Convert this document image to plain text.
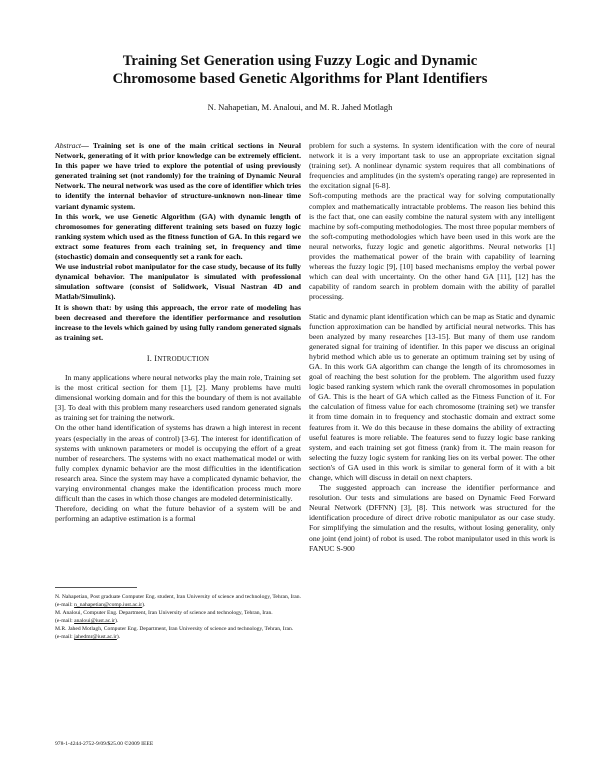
Training Set Generation using Fuzzy Logic and Dynamic
Chromosome based Genetic Algorithms for Plant Identifiers
N. Nahapetian, M. Analoui, and M. R. Jahed Motlagh

Abstract— Training set is one of the main critical sections in Neural Network, generating of it with prior knowledge can be extremely efficient. In this paper we have tried to explore the potential of using previously generated training set (not randomly) for the training of Dynamic Neural Network. The neural network was used as the core of identifier which tries to identify the internal behavior of structure-unknown non-linear time variant dynamic system.

In this work, we use Genetic Algorithm (GA) with dynamic length of chromosomes for generating different training sets based on fuzzy logic ranking system which used as the fitness function of GA. In this regard we extract some features from each training set, in frequency and time (stochastic) domain and consequently set a rank for each.

We use industrial robot manipulator for the case study, because of its fully dynamical behavior. The manipulator is simulated with professional simulation software (consist of Solidwork, Visual Nastran 4D and Matlab/Simulink).

It is shown that: by using this approach, the error rate of modeling has been decreased and therefore the identifier performance and resolution increase to the levels which gained by using fully random generated signals as training set.

I. INTRODUCTION

In many applications where neural networks play the main role, Training set is the most critical section for them [1], [2]. Many problems have multi dimensional working domain and for this the boundary of them is not available [3]. To deal with this problem many researchers used random generated signals as training set for training the network.

On the other hand identification of systems has drawn a high interest in recent years (especially in the areas of control) [3-6]. The interest for identification of systems with unknown parameters or model is occupying the effort of a great number of researchers. The systems with no exact mathematical model or with fully complex dynamic behavior are the most difficulties in the identification research area. Since the system may have a complicated dynamic behavior, the varying environmental changes make the identification process much more difficult than the cases in which those changes are modeled deterministically.

Therefore, deciding on what the future behavior of a system will be and performing an adaptive estimation is a formal

N. Nahapetian, Post graduate Computer Eng. student, Iran University of science and technology, Tehran, Iran.

(e-mail: n_nahapetian@comp.iust.ac.ir).

M. Analoui, Computer Eng. Department, Iran University of science and technology, Tehran, Iran.

(e-mail: analoui@iust.ac.ir).

M.R. Jahed Motlagh, Computer Eng. Department, Iran University of science and technology, Tehran, Iran.

(e-mail: jahedmr@iust.ac.ir).

978-1-4244-2752-9/09/$25.00 ©2009 IEEE

problem for such a systems. In system identification with the core of neural network it is a very important task to use an appropriate excitation signal (training set). A nonlinear dynamic system requires that all combinations of frequencies and amplitudes (in the system's operating range) are represented in the excitation signal [6-8].

Soft-computing methods are the practical way for solving computationally complex and mathematically intractable problems. The reason lies behind this is the fact that, one can easily combine the natural system with any intelligent machine by soft-computing methodologies. The most three popular members of the soft-computing methodologies which have been used in this work are the neural networks, fuzzy logic and genetic algorithms. Neural networks [1] provides the mathematical power of the brain with capability of learning whereas the fuzzy logic [9], [10] based mechanisms employ the verbal power which can deal with uncertainty. On the other hand GA [11], [12] has the capability of random search in problem domain with the ability of parallel processing.

Static and dynamic plant identification which can be map as Static and dynamic function approximation can be handled by artificial neural networks. This has been analyzed by many researches [13-15]. But many of them use random generated signal for training of identifier. In this paper we discuss an original hybrid method which able us to generate an optimum training set by using of GA. In this work GA algorithm can change the length of its chromosomes in goal of reaching the best solution for the problem. The algorithm used fuzzy logic based ranking system which rank the overall chromosomes in population of GA. This is the heart of GA which called as the Fitness Function of it. For the calculation of fitness value for each chromosome (training set) we transfer it from time domain in to frequency and stochastic domain and extract some features from it. We do this because in these domains the ability of extracting useful features is more reliable. The features send to fuzzy logic base ranking system, and each training set got fitness (rank) from it. The main reason for selecting the fuzzy logic system for ranking lies on its verbal power. The other section's of GA used in this work is similar to general form of it with a bit change, which will discuss in detail on next chapters.

The suggested approach can increase the identifier performance and resolution. Our tests and simulations are based on Dynamic Feed Forward Neural Network (DFFNN) [3], [8]. This network was structured for the identification procedure of direct drive robotic manipulator as our case study. For simplifying the simulation and the results, without losing generality, only one joint (end joint) of robot is used. The robot manipulator used in this work is FANUC S-900
